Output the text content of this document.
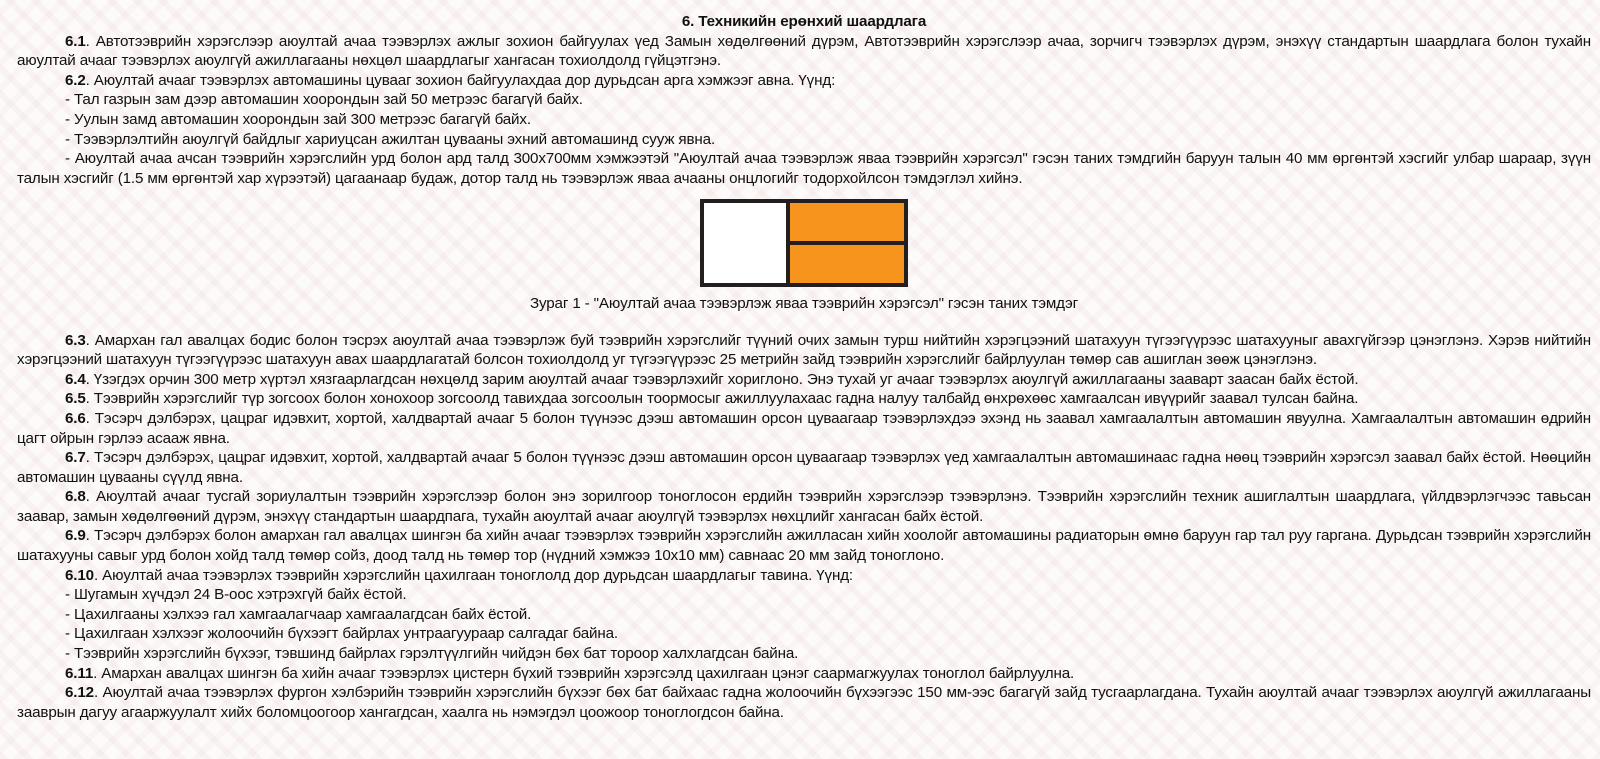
6. Техникийн ерөнхий шаардлага

6.1. Автотээврийн хэрэгслээр аюултай ачаа тээвэрлэх ажлыг зохион байгуулах үед Замын хөдөлгөөний дүрэм, Автотээврийн хэрэгслээр ачаа, зорчигч тээвэрлэх дүрэм, энэхүү стандартын шаардлага болон тухайн аюултай ачааг тээвэрлэх аюулгүй ажиллагааны нөхцөл шаардлагыг хангасан тохиолдолд гүйцэтгэнэ.

6.2. Аюултай ачааг тээвэрлэх автомашины цувааг зохион байгуулахдаа дор дурьдсан арга хэмжээг авна. Үүнд:

- Тал газрын зам дээр автомашин хоорондын зай 50 метрээс багагүй байх.

- Уулын замд автомашин хоорондын зай 300 метрээс багагүй байх.

- Тээвэрлэлтийн аюулгүй байдлыг хариуцсан ажилтан цувааны эхний автомашинд сууж явна.

- Аюултай ачаа ачсан тээврийн хэрэгслийн урд болон ард талд 300x700мм хэмжээтэй "Аюултай ачаа тээвэрлэж яваа тээврийн хэрэгсэл" гэсэн таних тэмдгийн баруун талын 40 мм өргөнтэй хэсгийг улбар шараар, зүүн талын хэсгийг (1.5 мм өргөнтэй хар хүрээтэй) цагаанаар будаж, дотор талд нь тээвэрлэж яваа ачааны онцлогийг тодорхойлсон тэмдэглэл хийнэ.

Зураг 1 - "Аюултай ачаа тээвэрлэж яваа тээврийн хэрэгсэл" гэсэн таних тэмдэг

6.3. Амархан гал авалцах бодис болон тэсрэх аюултай ачаа тээвэрлэж буй тээврийн хэрэгслийг түүний очих замын турш нийтийн хэрэгцээний шатахуун түгээгүүрээс шатахууныг авахгүйгээр цэнэглэнэ. Хэрэв нийтийн хэрэгцээний шатахуун түгээгүүрээс шатахуун авах шаардлагатай болсон тохиолдолд уг түгээгүүрээс 25 метрийн зайд тээврийн хэрэгслийг байрлуулан төмөр сав ашиглан зөөж цэнэглэнэ.

6.4. Үзэгдэх орчин 300 метр хүртэл хязгаарлагдсан нөхцөлд зарим аюултай ачааг тээвэрлэхийг хориглоно. Энэ тухай уг ачааг тээвэрлэх аюулгүй ажиллагааны зааварт заасан байх ёстой.

6.5. Тээврийн хэрэгслийг түр зогсоох болон хонохоор зогсоолд тавихдаа зогсоолын тоормосыг ажиллуулахаас гадна налуу талбайд өнхрөхөөс хамгаалсан ивүүрийг заавал тулсан байна.

6.6. Тэсэрч дэлбэрэх, цацраг идэвхит, хортой, халдвартай ачааг 5 болон түүнээс дээш автомашин орсон цуваагаар тээвэрлэхдээ эхэнд нь заавал хамгаалалтын автомашин явуулна. Хамгаалалтын автомашин өдрийн цагт ойрын гэрлээ асааж явна.

6.7. Тэсэрч дэлбэрэх, цацраг идэвхит, хортой, халдвартай ачааг 5 болон түүнээс дээш автомашин орсон цуваагаар тээвэрлэх үед хамгаалалтын автомашинаас гадна нөөц тээврийн хэрэгсэл заавал байх ёстой. Нөөцийн автомашин цувааны сүүлд явна.

6.8. Аюултай ачааг тусгай зориулалтын тээврийн хэрэгслээр болон энэ зорилгоор тоноглосон ердийн тээврийн хэрэгслээр тээвэрлэнэ. Тээврийн хэрэгслийн техник ашиглалтын шаардлага, үйлдвэрлэгчээс тавьсан заавар, замын хөдөлгөөний дүрэм, энэхүү стандартын шаардпага, тухайн аюултай ачааг аюулгүй тээвэрлэх нөхцлийг хангасан байх ёстой.

6.9. Тэсэрч дэлбэрэх болон амархан гал авалцах шингэн ба хийн ачааг тээвэрлэх тээврийн хэрэгслийн ажилласан хийн хоолойг автомашины радиаторын өмнө баруун гар тал руу гаргана. Дурьдсан тээврийн хэрэгслийн шатахууны савыг урд болон хойд талд төмөр сойз, доод талд нь төмөр тор (нүдний хэмжээ 10x10 мм) савнаас 20 мм зайд тоноглоно.

6.10. Аюултай ачаа тээвэрлэх тээврийн хэрэгслийн цахилгаан тоноглолд дор дурьдсан шаардлагыг тавина. Үүнд:

- Шугамын хүчдэл 24 В-оос хэтрэхгүй байх ёстой.

- Цахилгааны хэлхээ гал хамгаалагчаар хамгаалагдсан байх ёстой.

- Цахилгаан хэлхээг жолоочийн бүхээгт байрлах унтраагуураар салгадаг байна.

- Тээврийн хэрэгслийн бүхээг, тэвшинд байрлах гэрэлтүүлгийн чийдэн бөх бат тороор халхлагдсан байна.

6.11. Амархан авалцах шингэн ба хийн ачааг тээвэрлэх цистерн бүхий тээврийн хэрэгсэлд цахилгаан цэнэг саармагжуулах тоноглол байрлуулна.

6.12. Аюултай ачаа тээвэрлэх фургон хэлбэрийн тээврийн хэрэгслийн бүхээг бөх бат байхаас гадна жолоочийн бүхээгээс 150 мм-ээс багагүй зайд тусгаарлагдана. Тухайн аюултай ачааг тээвэрлэх аюулгүй ажиллагааны зааврын дагуу агааржуулалт хийх боломцоогоор хангагдсан, хаалга нь нэмэгдэл цоожоор тоноглогдсон байна.
